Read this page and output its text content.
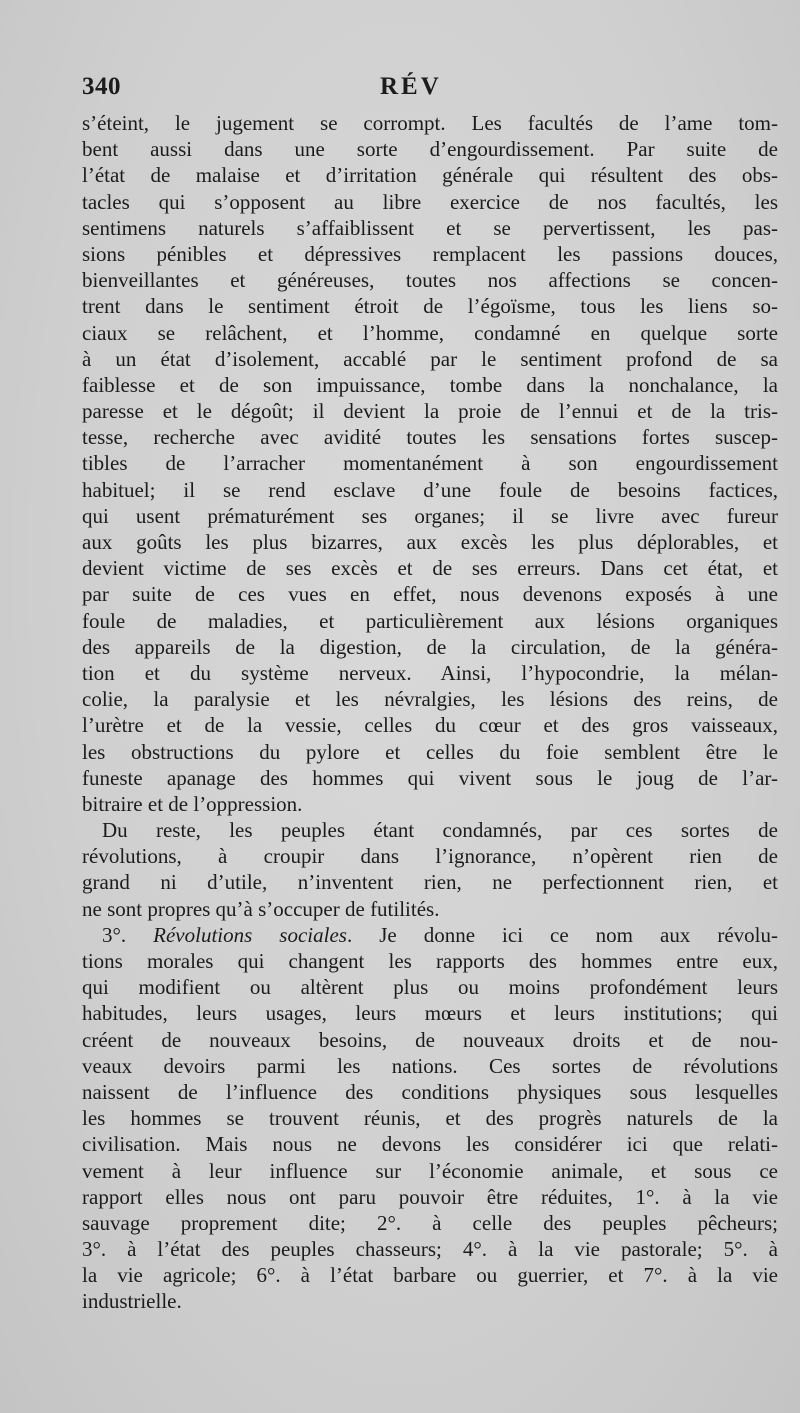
340	RÉV
s’éteint, le jugement se corrompt. Les facultés de l’ame tom-
bent aussi dans une sorte d’engourdissement. Par suite de
l’état de malaise et d’irritation générale qui résultent des obs-
tacles qui s’opposent au libre exercice de nos facultés, les
sentimens naturels s’affaiblissent et se pervertissent, les pas-
sions pénibles et dépressives remplacent les passions douces,
bienveillantes et généreuses, toutes nos affections se concen-
trent dans le sentiment étroit de l’égoïsme, tous les liens so-
ciaux se relâchent, et l’homme, condamné en quelque sorte
à un état d’isolement, accablé par le sentiment profond de sa
faiblesse et de son impuissance, tombe dans la nonchalance, la
paresse et le dégoût; il devient la proie de l’ennui et de la tris-
tesse, recherche avec avidité toutes les sensations fortes suscep-
tibles de l’arracher momentanément à son engourdissement
habituel; il se rend esclave d’une foule de besoins factices,
qui usent prématurément ses organes; il se livre avec fureur
aux goûts les plus bizarres, aux excès les plus déplorables, et
devient victime de ses excès et de ses erreurs. Dans cet état, et
par suite de ces vues en effet, nous devenons exposés à une
foule de maladies, et particulièrement aux lésions organiques
des appareils de la digestion, de la circulation, de la généra-
tion et du système nerveux. Ainsi, l’hypocondrie, la mélan-
colie, la paralysie et les névralgies, les lésions des reins, de
l’urètre et de la vessie, celles du cœur et des gros vaisseaux,
les obstructions du pylore et celles du foie semblent être le
funeste apanage des hommes qui vivent sous le joug de l’ar-
bitraire et de l’oppression.
Du reste, les peuples étant condamnés, par ces sortes de
révolutions, à croupir dans l’ignorance, n’opèrent rien de
grand ni d’utile, n’inventent rien, ne perfectionnent rien, et
ne sont propres qu’à s’occuper de futilités.
3°. Révolutions sociales. Je donne ici ce nom aux révolu-
tions morales qui changent les rapports des hommes entre eux,
qui modifient ou altèrent plus ou moins profondément leurs
habitudes, leurs usages, leurs mœurs et leurs institutions; qui
créent de nouveaux besoins, de nouveaux droits et de nou-
veaux devoirs parmi les nations. Ces sortes de révolutions
naissent de l’influence des conditions physiques sous lesquelles
les hommes se trouvent réunis, et des progrès naturels de la
civilisation. Mais nous ne devons les considérer ici que relati-
vement à leur influence sur l’économie animale, et sous ce
rapport elles nous ont paru pouvoir être réduites, 1°. à la vie
sauvage proprement dite; 2°. à celle des peuples pêcheurs;
3°. à l’état des peuples chasseurs; 4°. à la vie pastorale; 5°. à
la vie agricole; 6°. à l’état barbare ou guerrier, et 7°. à la vie
industrielle.
